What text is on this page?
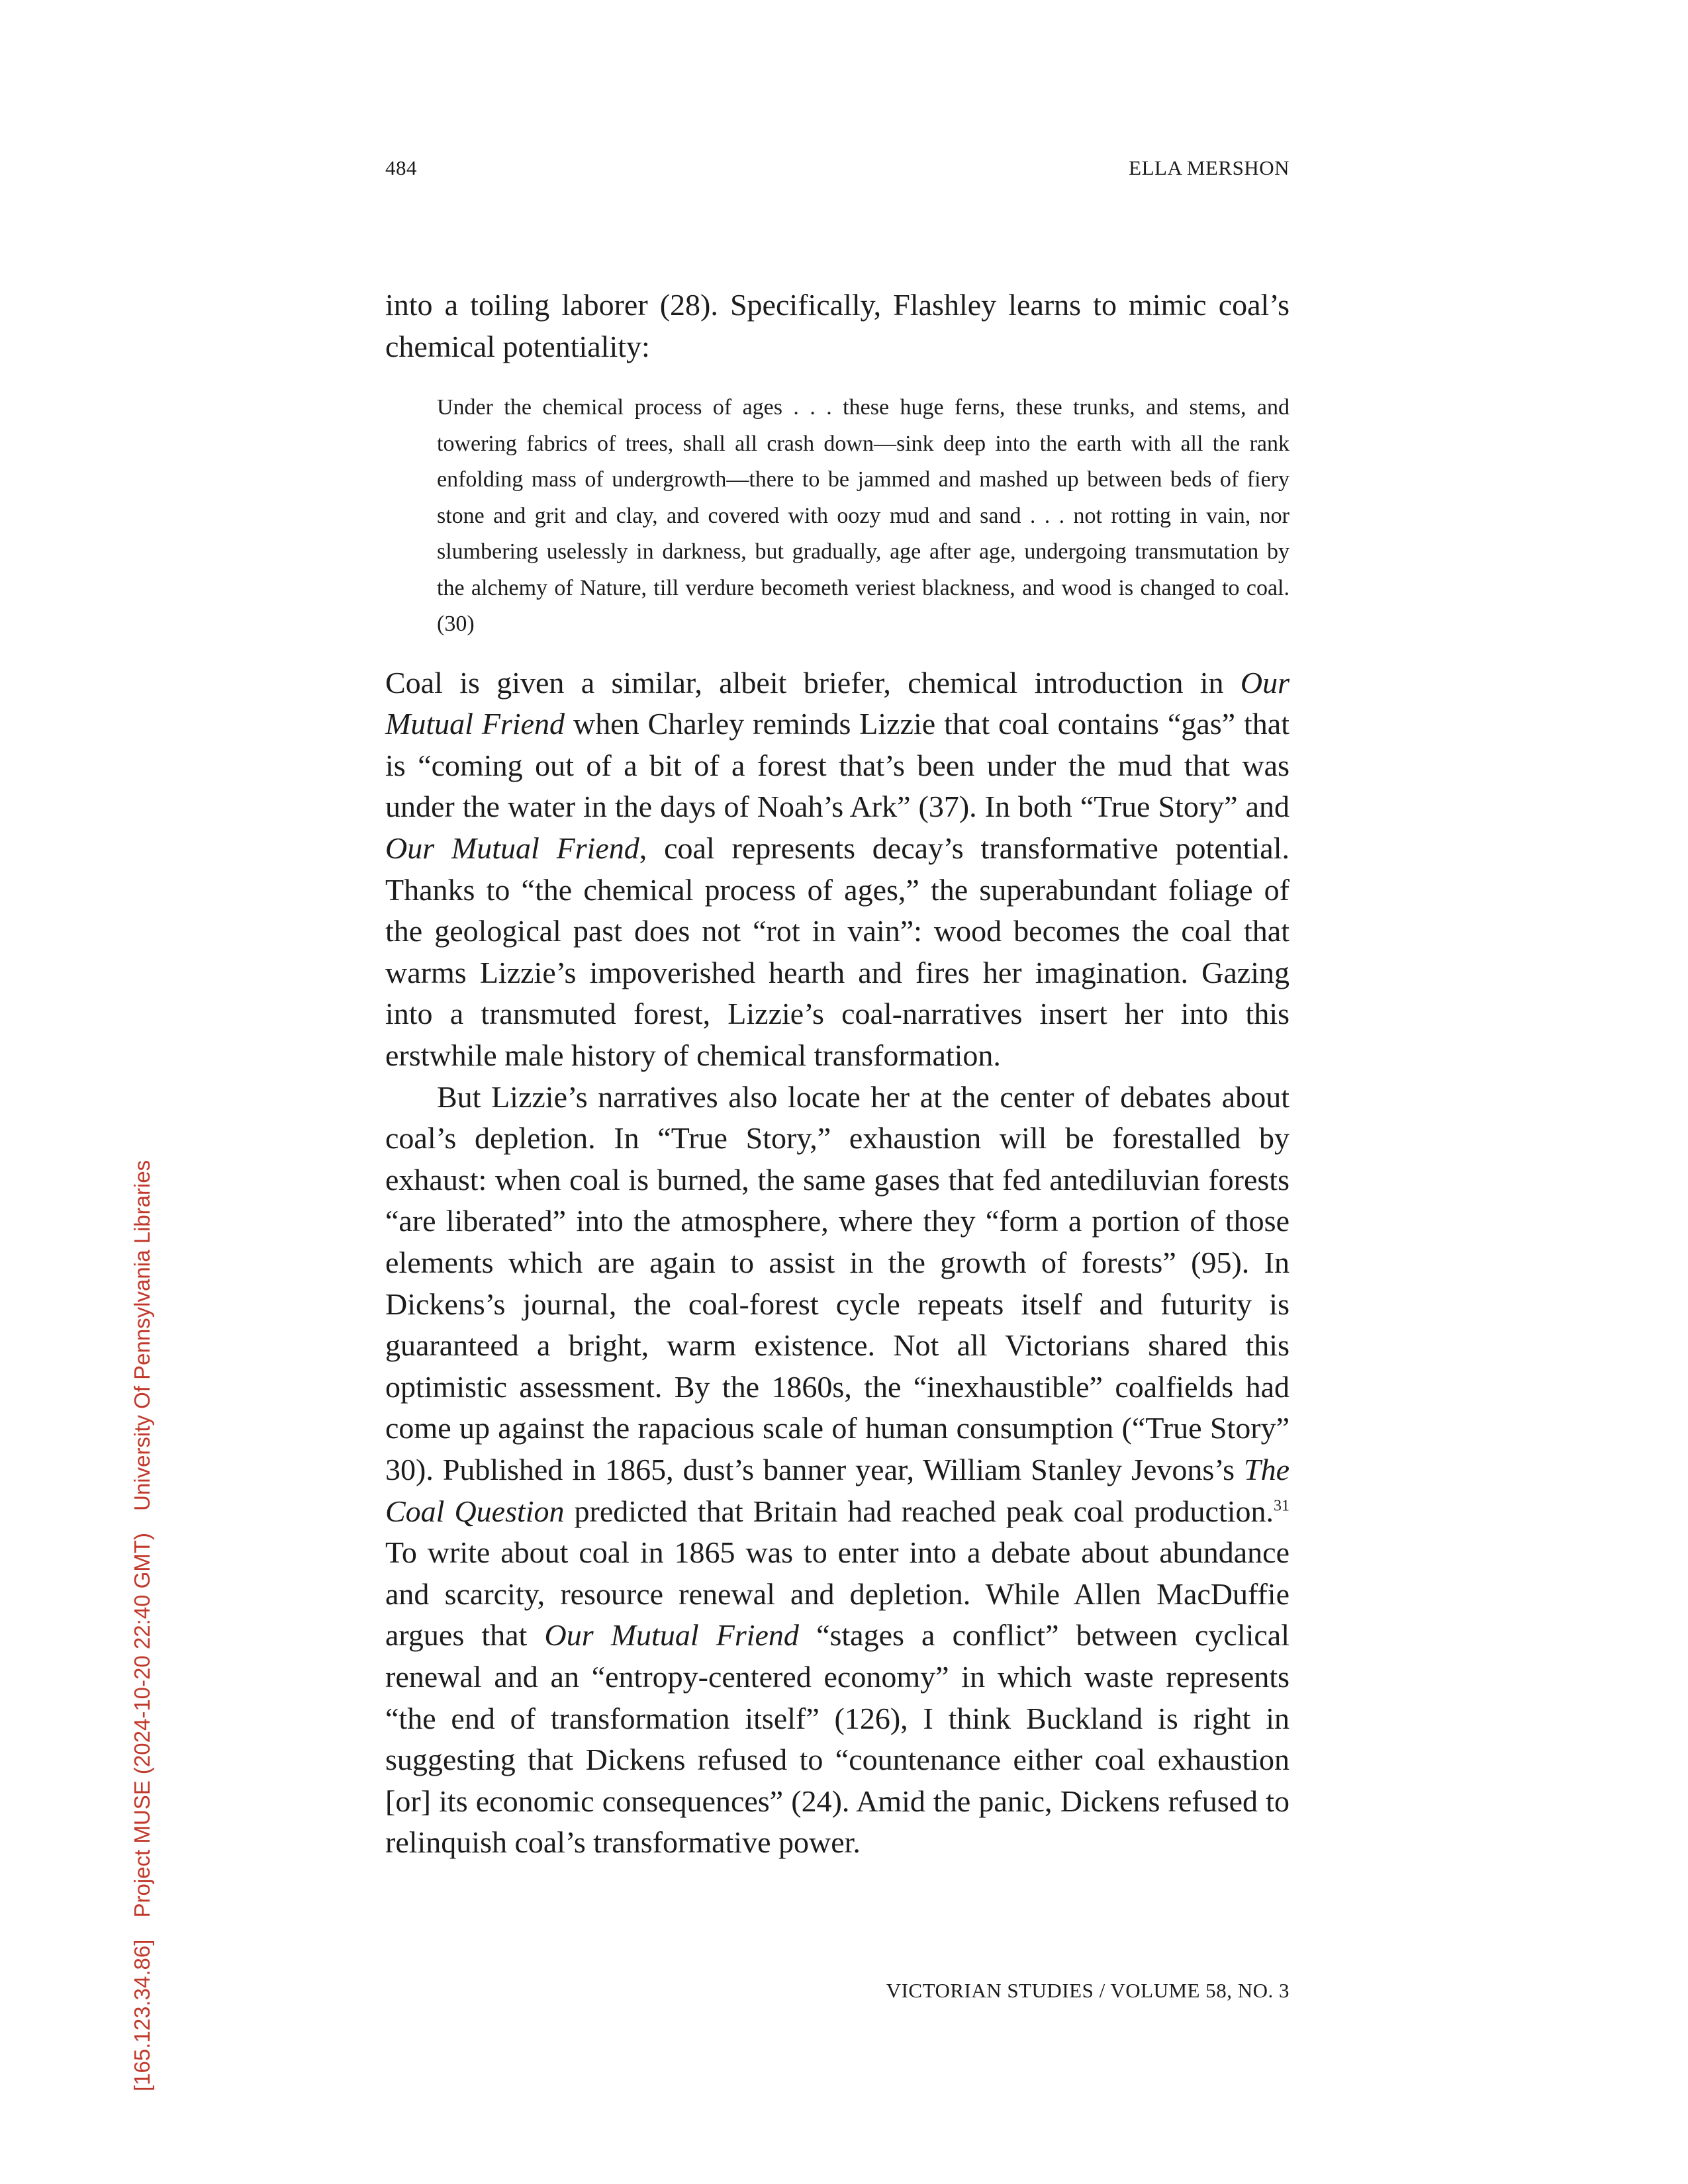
484	ELLA MERSHON

into a toiling laborer (28). Specifically, Flashley learns to mimic coal’s chemical potentiality:

Under the chemical process of ages . . . these huge ferns, these trunks, and stems, and towering fabrics of trees, shall all crash down—sink deep into the earth with all the rank enfolding mass of undergrowth—there to be jammed and mashed up between beds of fiery stone and grit and clay, and covered with oozy mud and sand . . . not rotting in vain, nor slumbering uselessly in darkness, but gradually, age after age, undergoing transmutation by the alchemy of Nature, till verdure becometh veriest blackness, and wood is changed to coal. (30)

Coal is given a similar, albeit briefer, chemical introduction in Our Mutual Friend when Charley reminds Lizzie that coal contains “gas” that is “coming out of a bit of a forest that’s been under the mud that was under the water in the days of Noah’s Ark” (37). In both “True Story” and Our Mutual Friend, coal represents decay’s transformative potential. Thanks to “the chemical process of ages,” the superabundant foliage of the geological past does not “rot in vain”: wood becomes the coal that warms Lizzie’s impoverished hearth and fires her imagination. Gazing into a transmuted forest, Lizzie’s coal-narratives insert her into this erstwhile male history of chemical transformation.

But Lizzie’s narratives also locate her at the center of debates about coal’s depletion. In “True Story,” exhaustion will be forestalled by exhaust: when coal is burned, the same gases that fed antediluvian forests “are liberated” into the atmosphere, where they “form a portion of those elements which are again to assist in the growth of forests” (95). In Dickens’s journal, the coal-forest cycle repeats itself and futurity is guaranteed a bright, warm existence. Not all Victorians shared this optimistic assessment. By the 1860s, the “inexhaustible” coalfields had come up against the rapacious scale of human consumption (“True Story” 30). Published in 1865, dust’s banner year, William Stanley Jevons’s The Coal Question predicted that Britain had reached peak coal production.$^{31}$ To write about coal in 1865 was to enter into a debate about abundance and scarcity, resource renewal and depletion. While Allen MacDuffie argues that Our Mutual Friend “stages a conflict” between cyclical renewal and an “entropy-centered economy” in which waste represents “the end of transformation itself” (126), I think Buckland is right in suggesting that Dickens refused to “countenance either coal exhaustion [or] its economic consequences” (24). Amid the panic, Dickens refused to relinquish coal’s transformative power.

VICTORIAN STUDIES / VOLUME 58, NO. 3
[165.123.34.86] Project MUSE (2024-10-20 22:40 GMT) University Of Pennsylvania Libraries
